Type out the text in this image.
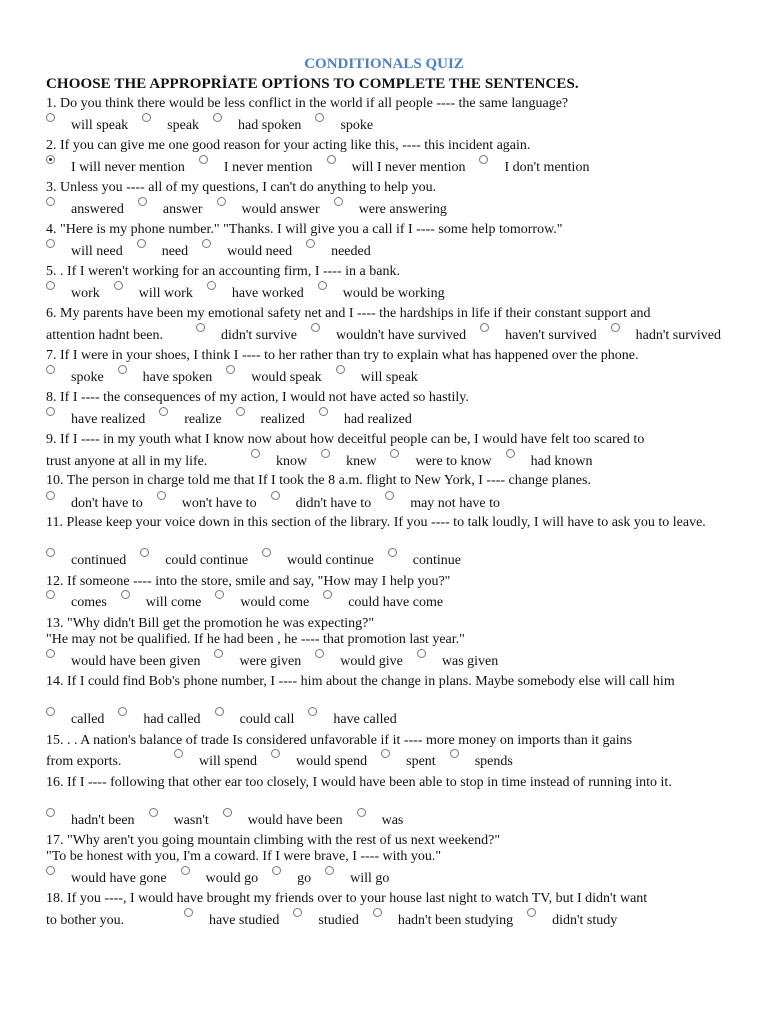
CONDITIONALS QUIZ
CHOOSE THE APPROPRİATE OPTİONS TO COMPLETE THE SENTENCES.
1. Do you think there would be less conflict in the world if all people ---- the same language?
will speak	speak	had spoken	spoke
2. If you can give me one good reason for your acting like this, ---- this incident again.
I will never mention	I never mention	will I never mention	I don't mention
3. Unless you ---- all of my questions, I can't do anything to help you.
answered	answer	would answer	were answering
4. "Here is my phone number." "Thanks. I will give you a call if I ---- some help tomorrow."
will need	need	would need	needed
5. . If I weren't working for an accounting firm, I ---- in a bank.
work	will work	have worked	would be working
6. My parents have been my emotional safety net and I ---- the hardships in life if their constant support and
attention hadnt been.	didn't survive	wouldn't have survived	haven't survived	hadn't survived
7. If I were in your shoes, I think I ---- to her rather than try to explain what has happened over the phone.
spoke	have spoken	would speak	will speak
8. If I ---- the consequences of my action, I would not have acted so hastily.
have realized	realize	realized	had realized
9. If I ---- in my youth what I know now about how deceitful people can be, I would have felt too scared to
trust anyone at all in my life.	know	knew	were to know	had known
10. The person in charge told me that If I took the 8 a.m. flight to New York, I ---- change planes.
don't have to	won't have to	didn't have to	may not have to
11. Please keep your voice down in this section of the library. If you ---- to talk loudly, I will have to ask you to leave.
continued	could continue	would continue	continue
12. If someone ---- into the store, smile and say, "How may I help you?"
comes	will come	would come	could have come
13. "Why didn't Bill get the promotion he was expecting?"
"He may not be qualified. If he had been , he ---- that promotion last year."
would have been given	were given	would give	was given
14. If I could find Bob's phone number, I ---- him about the change in plans. Maybe somebody else will call him
called	had called	could call	have called
15. . . A nation's balance of trade Is considered unfavorable if it ---- more money on imports than it gains
from exports.	will spend	would spend	spent	spends
16. If I ---- following that other ear too closely, I would have been able to stop in time instead of running into it.
hadn't been	wasn't	would have been	was
17. "Why aren't you going mountain climbing with the rest of us next weekend?"
"To be honest with you, I'm a coward. If I were brave, I ---- with you."
would have gone	would go	go	will go
18. If you ----, I would have brought my friends over to your house last night to watch TV, but I didn't want
to bother you.	have studied	studied	hadn't been studying	didn't study
